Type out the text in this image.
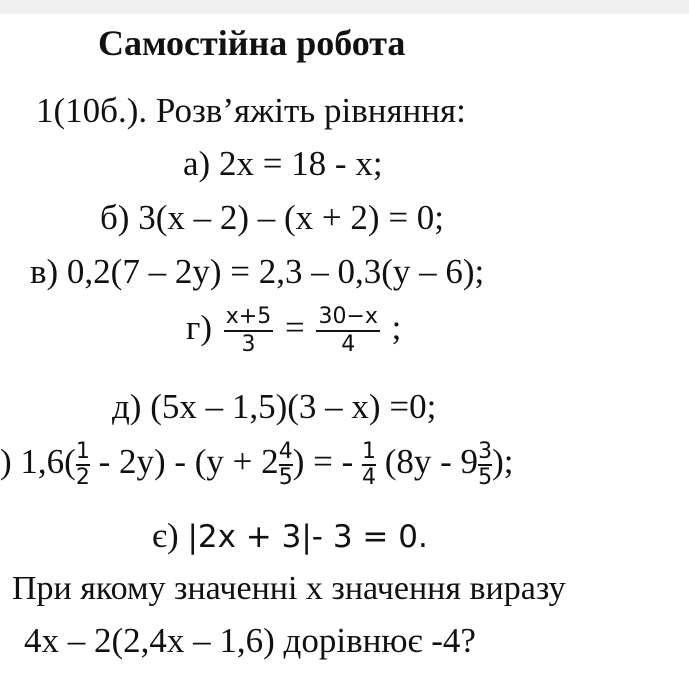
Самостійна робота
1(10б.). Розв’яжіть рівняння:
а) 2х = 18 - х;
б) 3(х – 2) – (х + 2) = 0;
в) 0,2(7 – 2у) = 2,3 – 0,3(у – 6);
$г) \frac{x+5}{3} = \frac{30-x}{4}$ ;
д) (5х – 1,5)(3 – х) =0;
) $1,6( \frac{1}{2} - 2у) - (у + 2 \frac{4}{5}$ ) = - $\frac{1}{4} (8у - 9 \frac{3}{5}$ );
є) |2x + 3|- 3 = 0.
При якому значенні х значення виразу
4х – 2(2,4х – 1,6) дорівнює -4?
